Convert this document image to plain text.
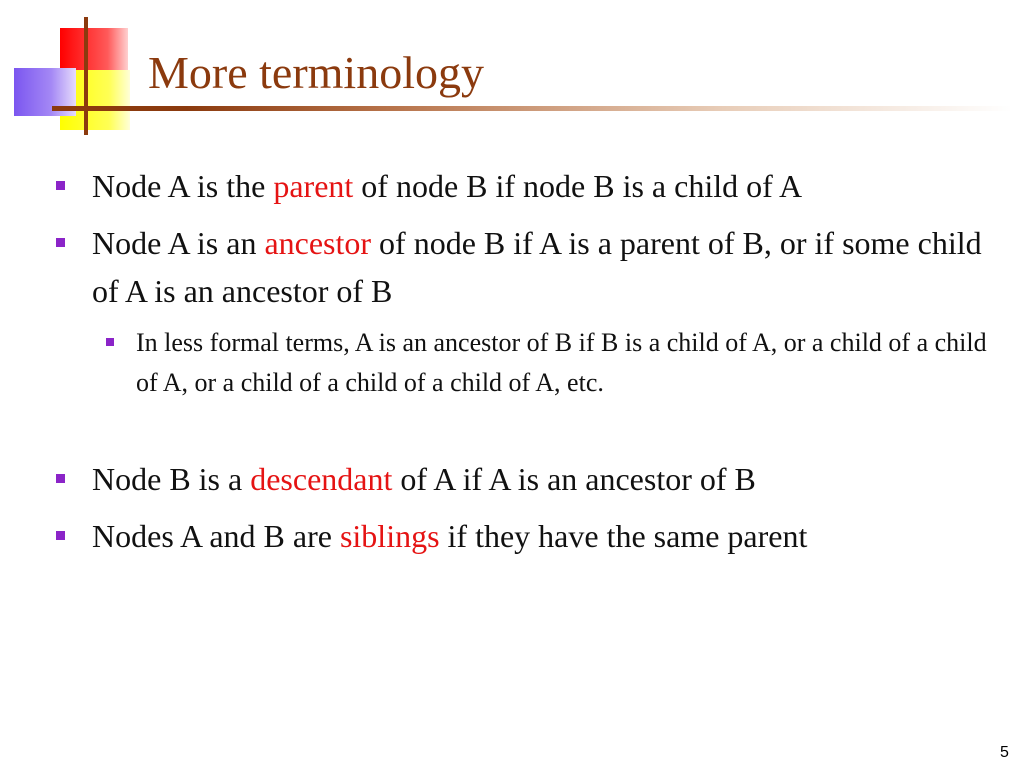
More terminology
Node A is the parent of node B if node B is a child of A
Node A is an ancestor of node B if A is a parent of B, or if some child of A is an ancestor of B
In less formal terms, A is an ancestor of B if B is a child of A, or a child of a child of A, or a child of a child of a child of A, etc.
Node B is a descendant of A if A is an ancestor of B
Nodes A and B are siblings if they have the same parent
5
